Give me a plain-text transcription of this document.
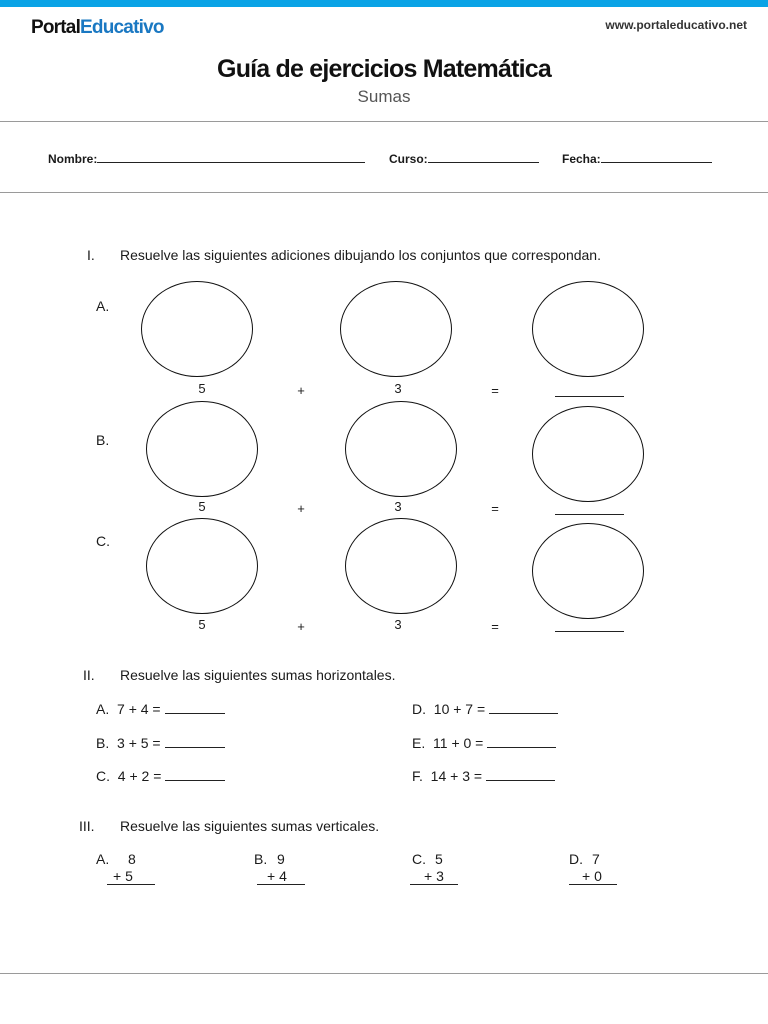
PortalEducativo	www.portaleducativo.net
Guía de ejercicios Matemática
Sumas
Nombre:	Curso:	Fecha:
I. Resuelve las siguientes adiciones dibujando los conjuntos que correspondan.
A.
5	+	3	=
B.
5	+	3	=
C.
5	+	3	=
II. Resuelve las siguientes sumas horizontales.
A. 7 + 4 =
B. 3 + 5 =
C. 4 + 2 =
D. 10 + 7 =
E. 11 + 0 =
F. 14 + 3 =
III. Resuelve las siguientes sumas verticales.
A. 8
+ 5
B. 9
+ 4
C. 5
+ 3
D. 7
+ 0
